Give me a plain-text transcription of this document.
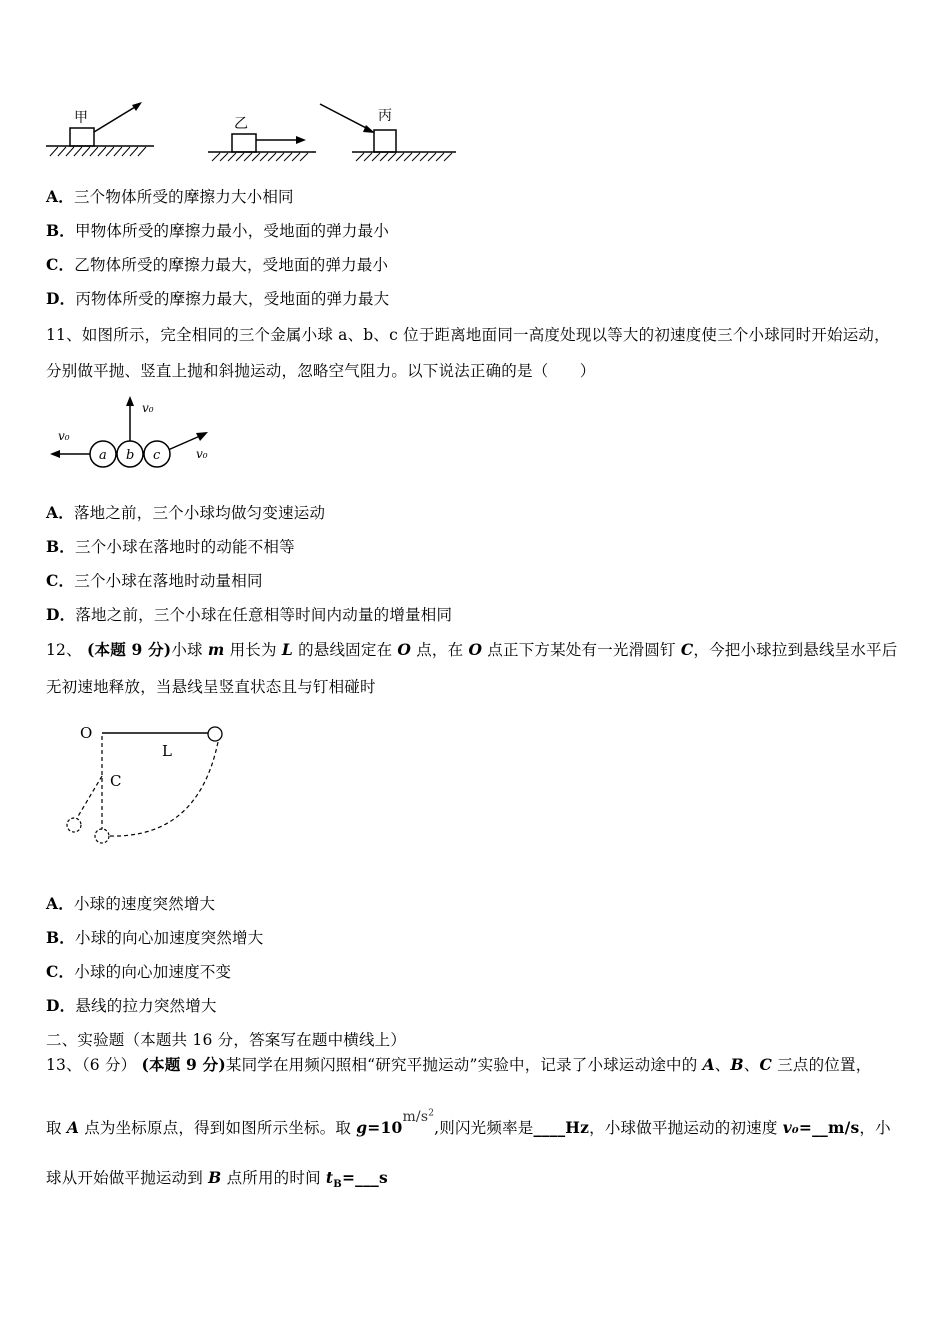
甲	乙	丙
A．三个物体所受的摩擦力大小相同
B．甲物体所受的摩擦力最小，受地面的弹力最小
C．乙物体所受的摩擦力最大，受地面的弹力最小
D．丙物体所受的摩擦力最大，受地面的弹力最大
11、如图所示，完全相同的三个金属小球 a、b、c 位于距离地面同一高度处现以等大的初速度使三个小球同时开始运动，
分别做平抛、竖直上抛和斜抛运动，忽略空气阻力。以下说法正确的是（　　）
v₀
v₀
v₀
a b c
A．落地之前，三个小球均做匀变速运动
B．三个小球在落地时的动能不相等
C．三个小球在落地时动量相同
D．落地之前，三个小球在任意相等时间内动量的增量相同
12、 (本题 9 分)小球 m 用长为 L 的悬线固定在 O 点，在 O 点正下方某处有一光滑圆钉 C，今把小球拉到悬线呈水平后
无初速地释放，当悬线呈竖直状态且与钉相碰时
O
L
C
A．小球的速度突然增大
B．小球的向心加速度突然增大
C．小球的向心加速度不变
D．悬线的拉力突然增大
二、实验题（本题共 16 分，答案写在题中横线上）
13、（6 分） (本题 9 分)某同学在用频闪照相“研究平抛运动”实验中，记录了小球运动途中的 A、B、C 三点的位置，
取 A 点为坐标原点，得到如图所示坐标。取 $g=10m/s^2$,则闪光频率是____Hz，小球做平抛运动的初速度 v₀=__m/s，小
球从开始做平抛运动到 B 点所用的时间 $t_B=\_\_\_s$
